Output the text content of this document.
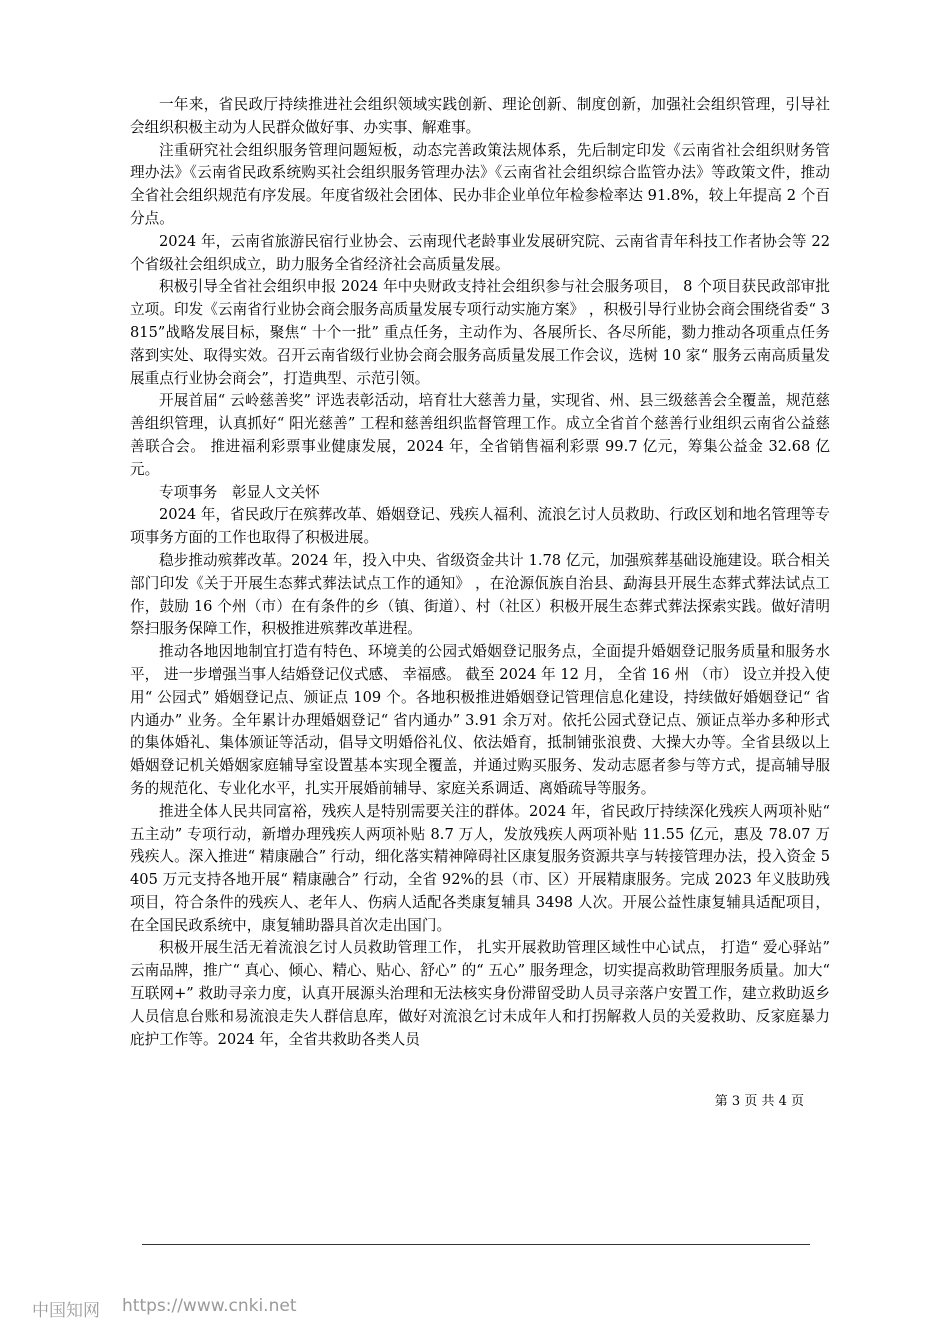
一年来，省民政厅持续推进社会组织领域实践创新、理论创新、制度创新，加强社会组织管理，引导社会组织积极主动为人民群众做好事、办实事、解难事。

注重研究社会组织服务管理问题短板，动态完善政策法规体系，先后制定印发《云南省社会组织财务管理办法》《云南省民政系统购买社会组织服务管理办法》《云南省社会组织综合监管办法》等政策文件，推动全省社会组织规范有序发展。年度省级社会团体、民办非企业单位年检参检率达 91.8%，较上年提高 2 个百分点。

2024 年，云南省旅游民宿行业协会、云南现代老龄事业发展研究院、云南省青年科技工作者协会等 22 个省级社会组织成立，助力服务全省经济社会高质量发展。

积极引导全省社会组织申报 2024 年中央财政支持社会组织参与社会服务项目， 8 个项目获民政部审批立项。印发《云南省行业协会商会服务高质量发展专项行动实施方案》 ，积极引导行业协会商会围绕省委“ 3815”战略发展目标，聚焦“ 十个一批” 重点任务，主动作为、各展所长、各尽所能，勠力推动各项重点任务落到实处、取得实效。召开云南省级行业协会商会服务高质量发展工作会议，选树 10 家“ 服务云南高质量发展重点行业协会商会”，打造典型、示范引领。

开展首届“ 云岭慈善奖” 评选表彰活动，培育壮大慈善力量，实现省、州、县三级慈善会全覆盖，规范慈善组织管理，认真抓好“ 阳光慈善” 工程和慈善组织监督管理工作。成立全省首个慈善行业组织云南省公益慈善联合会。 推进福利彩票事业健康发展，2024 年，全省销售福利彩票 99.7 亿元，筹集公益金 32.68 亿元。

专项事务　彰显人文关怀

2024 年，省民政厅在殡葬改革、婚姻登记、残疾人福利、流浪乞讨人员救助、行政区划和地名管理等专项事务方面的工作也取得了积极进展。

稳步推动殡葬改革。2024 年，投入中央、省级资金共计 1.78 亿元，加强殡葬基础设施建设。联合相关部门印发《关于开展生态葬式葬法试点工作的通知》 ，在沧源佤族自治县、勐海县开展生态葬式葬法试点工作，鼓励 16 个州（市）在有条件的乡（镇、街道）、村（社区）积极开展生态葬式葬法探索实践。做好清明祭扫服务保障工作，积极推进殡葬改革进程。

推动各地因地制宜打造有特色、环境美的公园式婚姻登记服务点，全面提升婚姻登记服务质量和服务水平， 进一步增强当事人结婚登记仪式感、 幸福感。 截至 2024 年 12 月， 全省 16 州 （市） 设立并投入使用“ 公园式” 婚姻登记点、颁证点 109 个。各地积极推进婚姻登记管理信息化建设，持续做好婚姻登记“ 省内通办” 业务。全年累计办理婚姻登记“ 省内通办” 3.91 余万对。依托公园式登记点、颁证点举办多种形式的集体婚礼、集体颁证等活动，倡导文明婚俗礼仪、依法婚育，抵制铺张浪费、大操大办等。全省县级以上婚姻登记机关婚姻家庭辅导室设置基本实现全覆盖，并通过购买服务、发动志愿者参与等方式，提高辅导服务的规范化、专业化水平，扎实开展婚前辅导、家庭关系调适、离婚疏导等服务。

推进全体人民共同富裕，残疾人是特别需要关注的群体。2024 年，省民政厅持续深化残疾人两项补贴“ 五主动” 专项行动，新增办理残疾人两项补贴 8.7 万人，发放残疾人两项补贴 11.55 亿元，惠及 78.07 万残疾人。深入推进“ 精康融合” 行动，细化落实精神障碍社区康复服务资源共享与转接管理办法，投入资金 5405 万元支持各地开展“ 精康融合” 行动，全省 92%的县（市、区）开展精康服务。完成 2023 年义肢助残项目，符合条件的残疾人、老年人、伤病人适配各类康复辅具 3498 人次。开展公益性康复辅具适配项目，在全国民政系统中，康复辅助器具首次走出国门。

积极开展生活无着流浪乞讨人员救助管理工作， 扎实开展救助管理区域性中心试点， 打造“ 爱心驿站” 云南品牌，推广“ 真心、倾心、精心、贴心、舒心” 的“ 五心” 服务理念，切实提高救助管理服务质量。加大“ 互联网+” 救助寻亲力度，认真开展源头治理和无法核实身份滞留受助人员寻亲落户安置工作，建立救助返乡人员信息台账和易流浪走失人群信息库，做好对流浪乞讨未成年人和打拐解救人员的关爱救助、反家庭暴力庇护工作等。2024 年，全省共救助各类人员

第 3 页 共 4 页
中国知网 https://www.cnki.net
